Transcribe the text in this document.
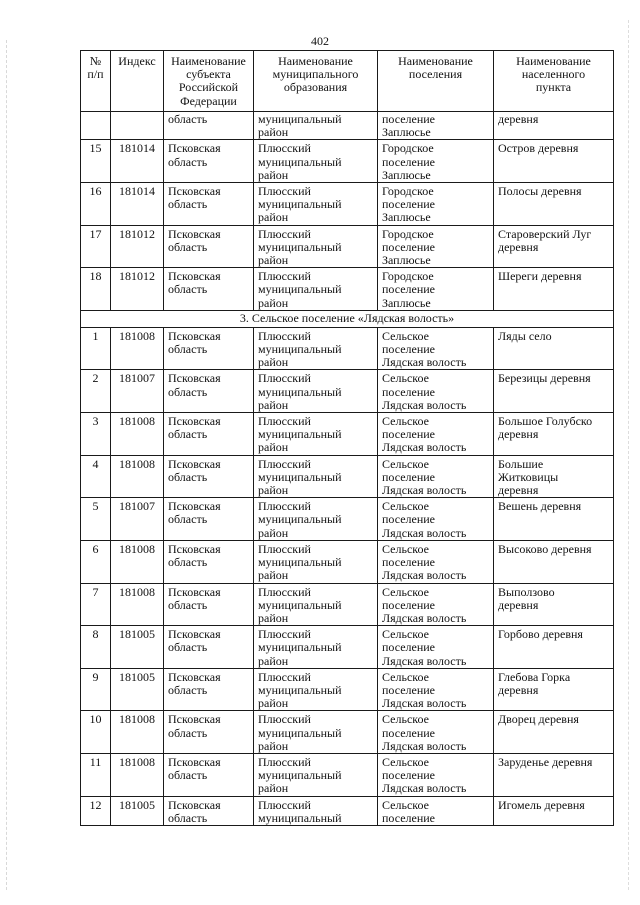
402
№
п/п	Индекс	Наименование
субъекта
Российской
Федерации	Наименование
муниципального
образования	Наименование
поселения	Наименование
населенного
пункта

		область	муниципальный
район	поселение
Заплюсье	деревня

15	181014	Псковская
область	Плюсский
муниципальный
район	Городское
поселение
Заплюсье	Остров деревня

16	181014	Псковская
область	Плюсский
муниципальный
район	Городское
поселение
Заплюсье	Полосы деревня

17	181012	Псковская
область	Плюсский
муниципальный
район	Городское
поселение
Заплюсье	Староверский Луг
деревня

18	181012	Псковская
область	Плюсский
муниципальный
район	Городское
поселение
Заплюсье	Шереги деревня

3. Сельское поселение «Лядская волость»					

1	181008	Псковская
область	Плюсский
муниципальный
район	Сельское
поселение
Лядская волость	Ляды село

2	181007	Псковская
область	Плюсский
муниципальный
район	Сельское
поселение
Лядская волость	Березицы деревня

3	181008	Псковская
область	Плюсский
муниципальный
район	Сельское
поселение
Лядская волость	Большое Голубско
деревня

4	181008	Псковская
область	Плюсский
муниципальный
район	Сельское
поселение
Лядская волость	Большие
Житковицы
деревня

5	181007	Псковская
область	Плюсский
муниципальный
район	Сельское
поселение
Лядская волость	Вешень деревня

6	181008	Псковская
область	Плюсский
муниципальный
район	Сельское
поселение
Лядская волость	Высоково деревня

7	181008	Псковская
область	Плюсский
муниципальный
район	Сельское
поселение
Лядская волость	Выползово
деревня

8	181005	Псковская
область	Плюсский
муниципальный
район	Сельское
поселение
Лядская волость	Горбово деревня

9	181005	Псковская
область	Плюсский
муниципальный
район	Сельское
поселение
Лядская волость	Глебова Горка
деревня

10	181008	Псковская
область	Плюсский
муниципальный
район	Сельское
поселение
Лядская волость	Дворец деревня

11	181008	Псковская
область	Плюсский
муниципальный
район	Сельское
поселение
Лядская волость	Заруденье деревня

12	181005	Псковская
область	Плюсский
муниципальный	Сельское
поселение	Игомель деревня
